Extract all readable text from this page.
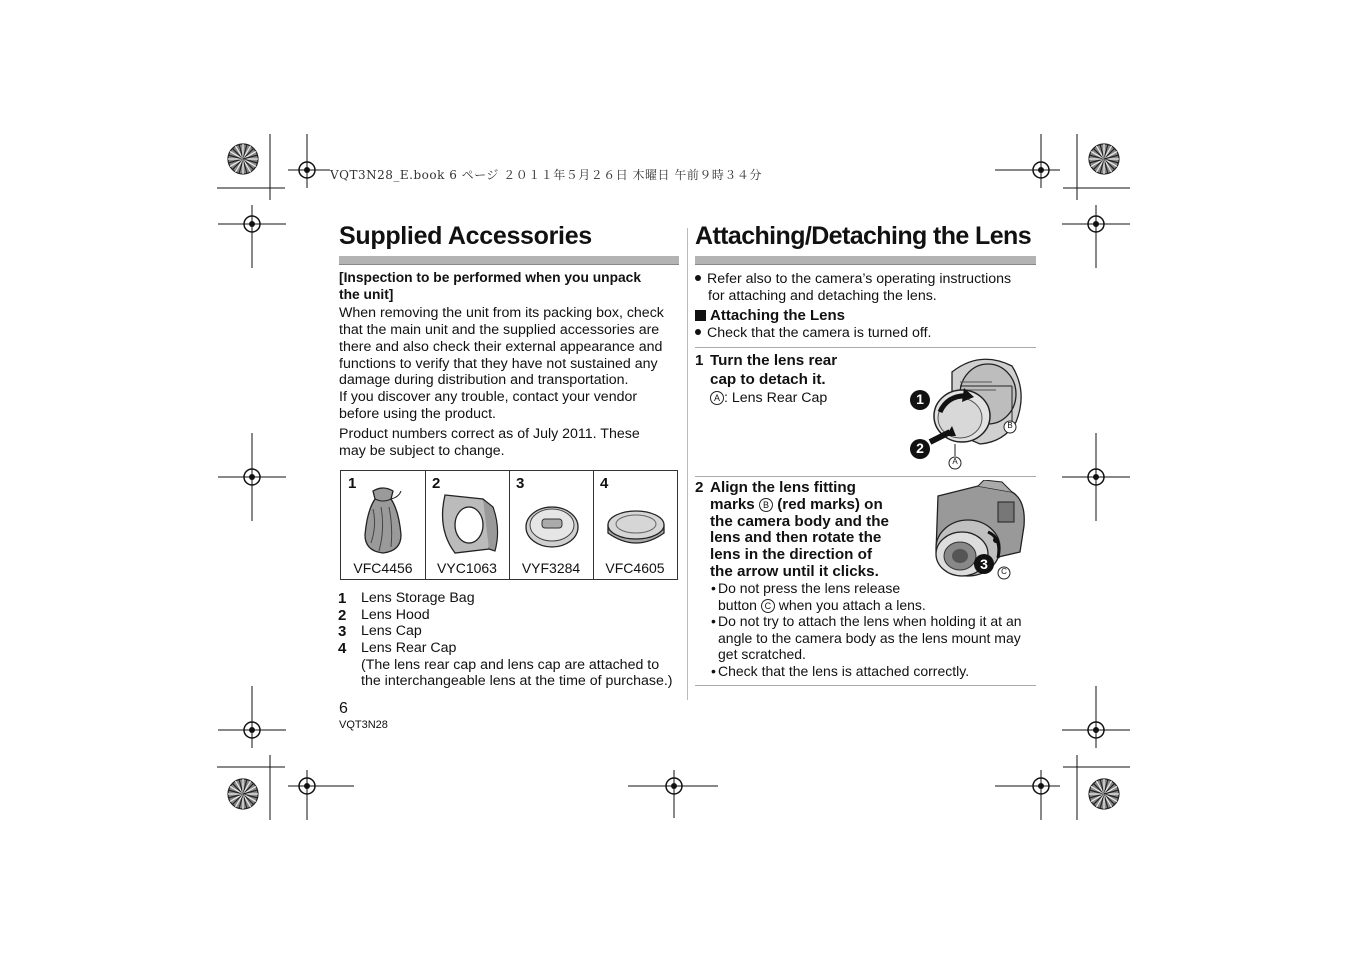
VQT3N28_E.book 6 ページ ２０１１年５月２６日 木曜日 午前９時３４分
Supplied Accessories
[Inspection to be performed when you unpack
the unit]
When removing the unit from its packing box, check
that the main unit and the supplied accessories are
there and also check their external appearance and
functions to verify that they have not sustained any
damage during distribution and transportation.
If you discover any trouble, contact your vendor
before using the product.
Product numbers correct as of July 2011. These
may be subject to change.
1
VFC4456
2
VYC1063
3
VYF3284
4
VFC4605
1 Lens Storage Bag
2 Lens Hood
3 Lens Cap
4 Lens Rear Cap
(The lens rear cap and lens cap are attached to
the interchangeable lens at the time of purchase.)
6
VQT3N28
Attaching/Detaching the Lens
Refer also to the camera’s operating instructions
for attaching and detaching the lens.
Attaching the Lens
Check that the camera is turned off.
1 Turn the lens rear
cap to detach it.
A : Lens Rear Cap	1
2
B
A
2 Align the lens fitting
marks B (red marks) on
the camera body and the
lens and then rotate the
lens in the direction of
the arrow until it clicks.	3	C
• Do not press the lens release
button C when you attach a lens.
• Do not try to attach the lens when holding it at an
angle to the camera body as the lens mount may
get scratched.
• Check that the lens is attached correctly.
